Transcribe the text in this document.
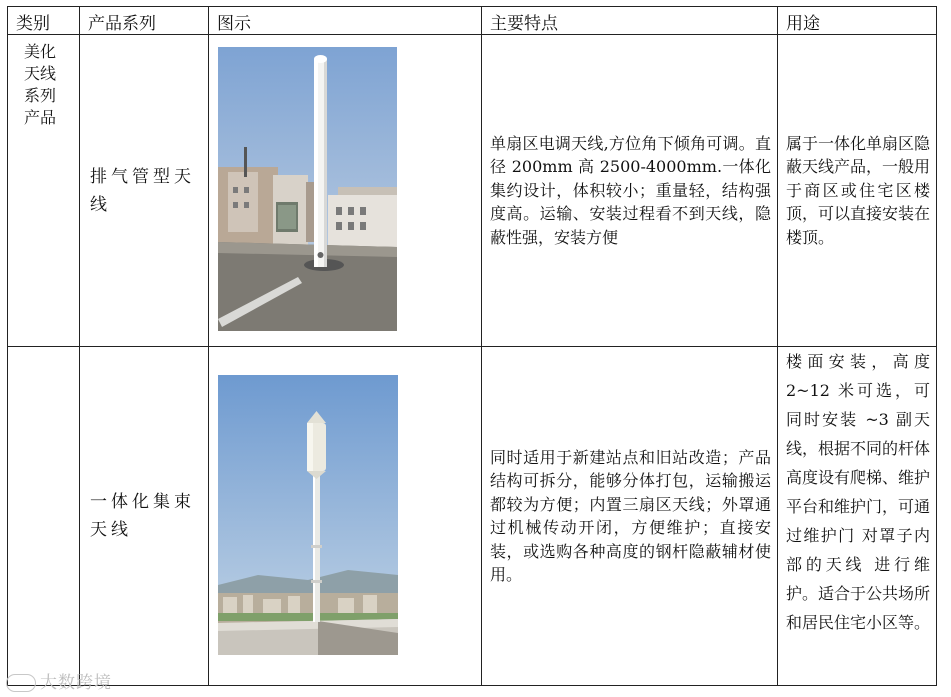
类别	产品系列	图示	主要特点	用途

美化天线系列产品	排气管型天线		单扇区电调天线,方位角下倾角可调。直径 200mm 高 2500-4000mm.一体化集约设计，体积较小；重量轻，结构强度高。运输、安装过程看不到天线，隐蔽性强，安装方便	属于一体化单扇区隐蔽天线产品，一般用于商区或住宅区楼顶，可以直接安装在楼顶。

	一体化集束天线		同时适用于新建站点和旧站改造；产品结构可拆分，能够分体打包，运输搬运都较为方便；内置三扇区天线；外罩通过机械传动开闭，方便维护；直接安装，或选购各种高度的钢杆隐蔽辅材使用。	楼面安装，高度 2~12 米可选，可同时安装 ~3 副天线，根据不同的杆体高度设有爬梯、维护平台和维护门，可通过维护门 对罩子内部的天线 进行维护。适合于公共场所和居民住宅小区等。
大数跨境
